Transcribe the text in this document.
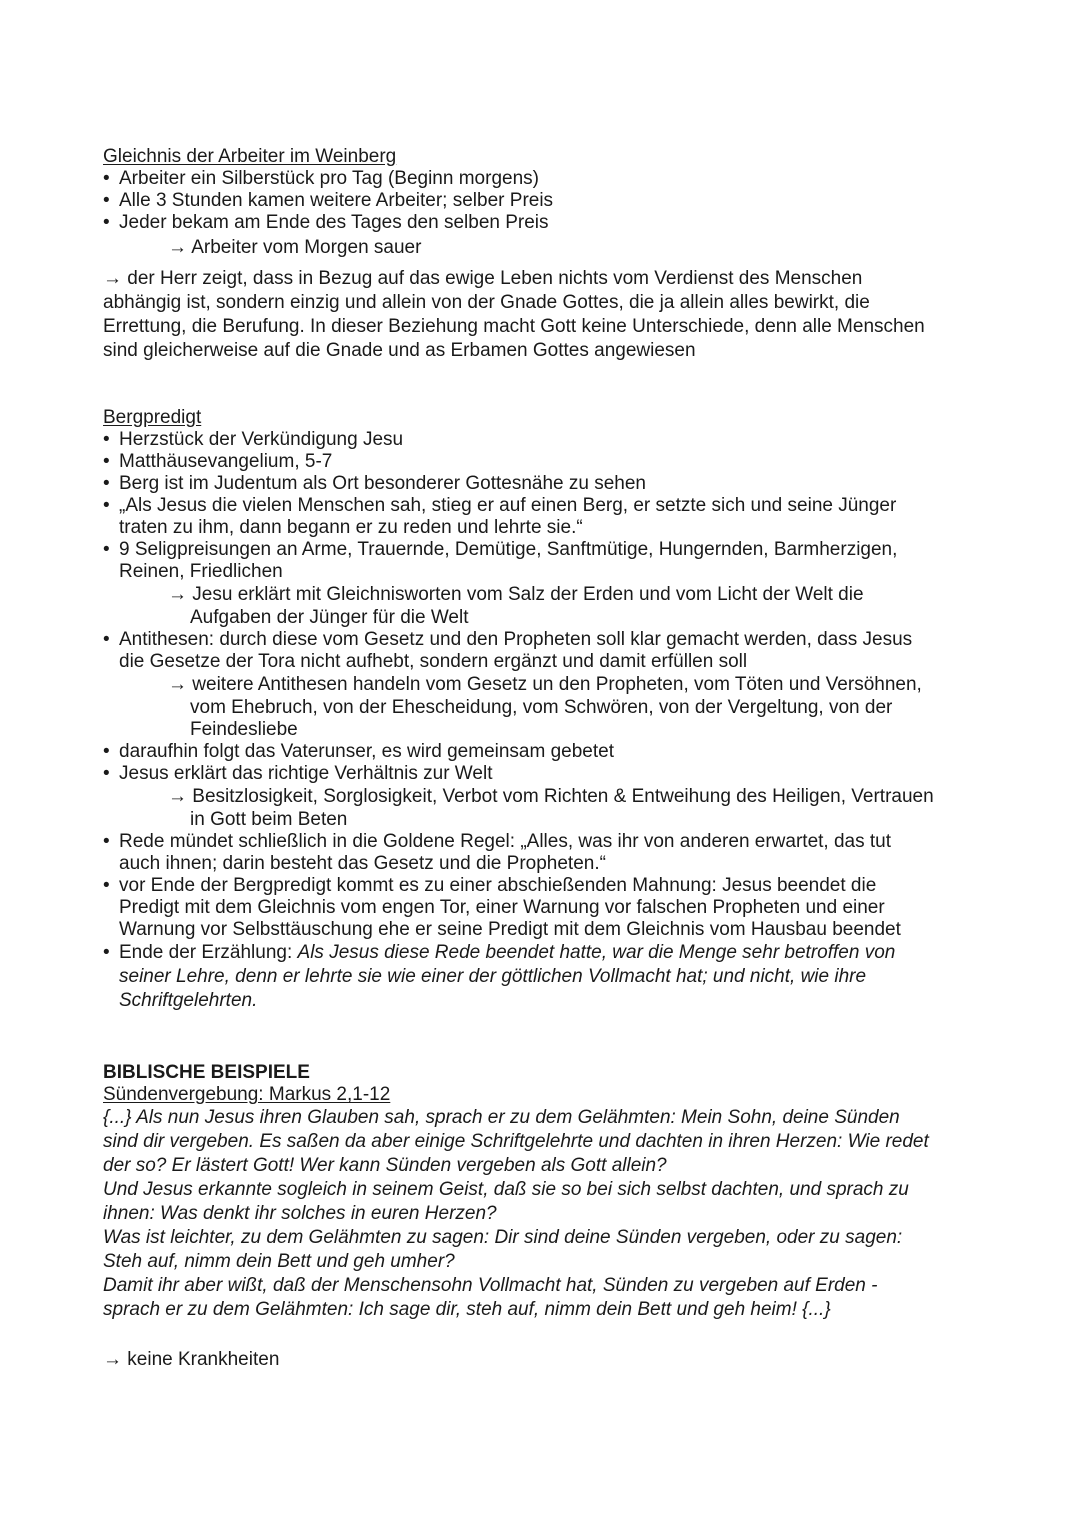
Gleichnis der Arbeiter im Weinberg
• Arbeiter ein Silberstück pro Tag (Beginn morgens)
• Alle 3 Stunden kamen weitere Arbeiter; selber Preis
• Jeder bekam am Ende des Tages den selben Preis
→ Arbeiter vom Morgen sauer
→ der Herr zeigt, dass in Bezug auf das ewige Leben nichts vom Verdienst des Menschen
abhängig ist, sondern einzig und allein von der Gnade Gottes, die ja allein alles bewirkt, die
Errettung, die Berufung. In dieser Beziehung macht Gott keine Unterschiede, denn alle Menschen
sind gleicherweise auf die Gnade und as Erbamen Gottes angewiesen
Bergpredigt
• Herzstück der Verkündigung Jesu
• Matthäusevangelium, 5-7
• Berg ist im Judentum als Ort besonderer Gottesnähe zu sehen
• „Als Jesus die vielen Menschen sah, stieg er auf einen Berg, er setzte sich und seine Jünger
traten zu ihm, dann begann er zu reden und lehrte sie.“
• 9 Seligpreisungen an Arme, Trauernde, Demütige, Sanftmütige, Hungernden, Barmherzigen,
Reinen, Friedlichen
→ Jesu erklärt mit Gleichnisworten vom Salz der Erden und vom Licht der Welt die
Aufgaben der Jünger für die Welt
• Antithesen: durch diese vom Gesetz und den Propheten soll klar gemacht werden, dass Jesus
die Gesetze der Tora nicht aufhebt, sondern ergänzt und damit erfüllen soll
→ weitere Antithesen handeln vom Gesetz un den Propheten, vom Töten und Versöhnen,
vom Ehebruch, von der Ehescheidung, vom Schwören, von der Vergeltung, von der
Feindesliebe
• daraufhin folgt das Vaterunser, es wird gemeinsam gebetet
• Jesus erklärt das richtige Verhältnis zur Welt
→ Besitzlosigkeit, Sorglosigkeit, Verbot vom Richten & Entweihung des Heiligen, Vertrauen
in Gott beim Beten
• Rede mündet schließlich in die Goldene Regel: „Alles, was ihr von anderen erwartet, das tut
auch ihnen; darin besteht das Gesetz und die Propheten.“
• vor Ende der Bergpredigt kommt es zu einer abschießenden Mahnung: Jesus beendet die
Predigt mit dem Gleichnis vom engen Tor, einer Warnung vor falschen Propheten und einer
Warnung vor Selbsttäuschung ehe er seine Predigt mit dem Gleichnis vom Hausbau beendet
• Ende der Erzählung: Als Jesus diese Rede beendet hatte, war die Menge sehr betroffen von
seiner Lehre, denn er lehrte sie wie einer der göttlichen Vollmacht hat; und nicht, wie ihre
Schriftgelehrten.
BIBLISCHE BEISPIELE
Sündenvergebung: Markus 2,1-12
{...} Als nun Jesus ihren Glauben sah, sprach er zu dem Gelähmten: Mein Sohn, deine Sünden
sind dir vergeben. Es saßen da aber einige Schriftgelehrte und dachten in ihren Herzen: Wie redet
der so? Er lästert Gott! Wer kann Sünden vergeben als Gott allein?
Und Jesus erkannte sogleich in seinem Geist, daß sie so bei sich selbst dachten, und sprach zu
ihnen: Was denkt ihr solches in euren Herzen?
Was ist leichter, zu dem Gelähmten zu sagen: Dir sind deine Sünden vergeben, oder zu sagen:
Steh auf, nimm dein Bett und geh umher?
Damit ihr aber wißt, daß der Menschensohn Vollmacht hat, Sünden zu vergeben auf Erden -
sprach er zu dem Gelähmten: Ich sage dir, steh auf, nimm dein Bett und geh heim! {...}
→ keine Krankheiten
